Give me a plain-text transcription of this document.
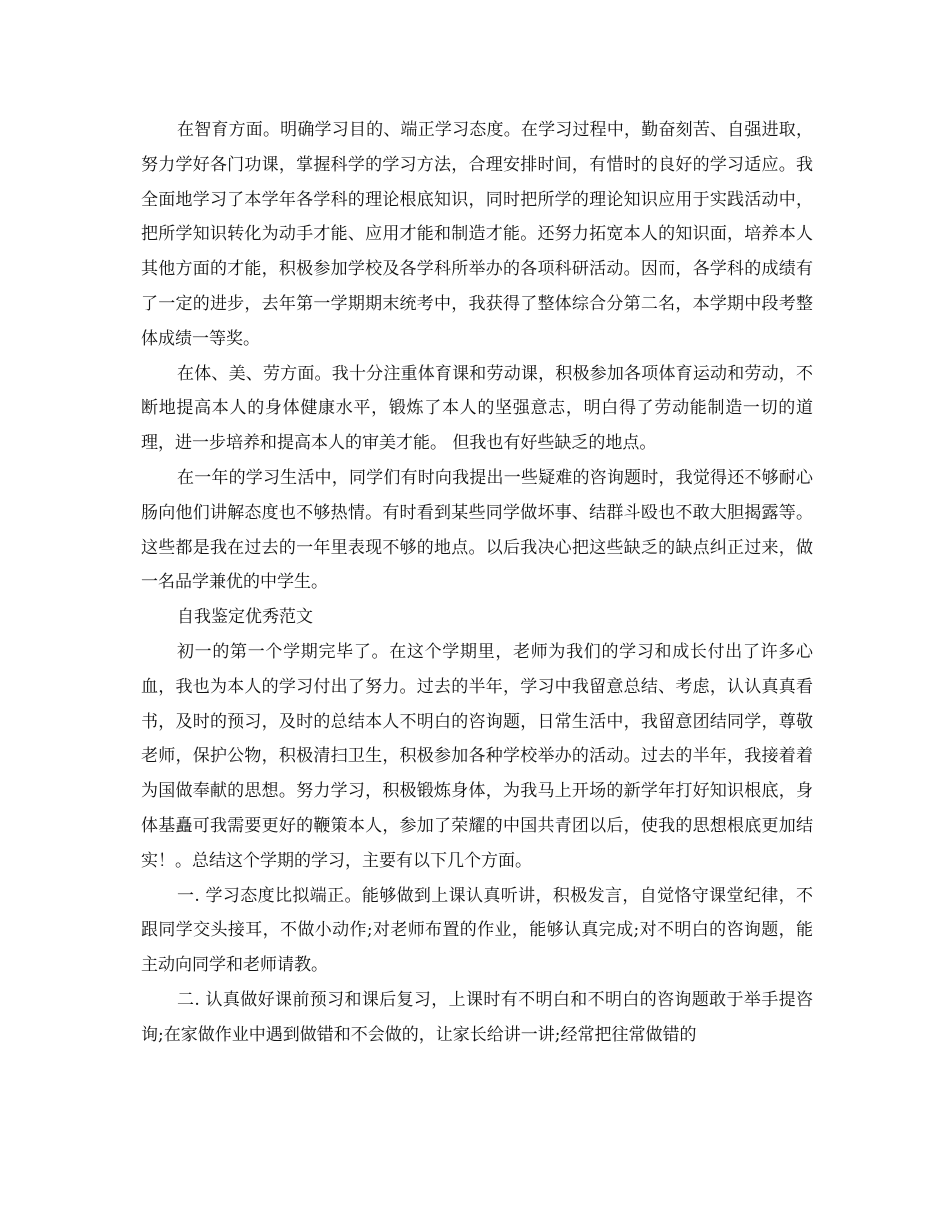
在智育方面。明确学习目的、端正学习态度。在学习过程中，勤奋刻苦、自强进取，努力学好各门功课，掌握科学的学习方法，合理安排时间，有惜时的良好的学习适应。我全面地学习了本学年各学科的理论根底知识，同时把所学的理论知识应用于实践活动中，把所学知识转化为动手才能、应用才能和制造才能。还努力拓宽本人的知识面，培养本人其他方面的才能，积极参加学校及各学科所举办的各项科研活动。因而，各学科的成绩有了一定的进步，去年第一学期期末统考中，我获得了整体综合分第二名，本学期中段考整体成绩一等奖。

在体、美、劳方面。我十分注重体育课和劳动课，积极参加各项体育运动和劳动，不断地提高本人的身体健康水平，锻炼了本人的坚强意志，明白得了劳动能制造一切的道理，进一步培养和提高本人的审美才能。 但我也有好些缺乏的地点。

在一年的学习生活中，同学们有时向我提出一些疑难的咨询题时，我觉得还不够耐心肠向他们讲解态度也不够热情。有时看到某些同学做坏事、结群斗殴也不敢大胆揭露等。这些都是我在过去的一年里表现不够的地点。以后我决心把这些缺乏的缺点纠正过来，做一名品学兼优的中学生。

自我鉴定优秀范文

初一的第一个学期完毕了。在这个学期里，老师为我们的学习和成长付出了许多心血，我也为本人的学习付出了努力。过去的半年，学习中我留意总结、考虑，认认真真看书，及时的预习，及时的总结本人不明白的咨询题，日常生活中，我留意团结同学，尊敬老师，保护公物，积极清扫卫生，积极参加各种学校举办的活动。过去的半年，我接着着为国做奉献的思想。努力学习，积极锻炼身体，为我马上开场的新学年打好知识根底，身体基矗可我需要更好的鞭策本人，参加了荣耀的中国共青团以后，使我的思想根底更加结实！。总结这个学期的学习，主要有以下几个方面。

一. 学习态度比拟端正。能够做到上课认真听讲，积极发言，自觉恪守课堂纪律，不跟同学交头接耳，不做小动作;对老师布置的作业，能够认真完成;对不明白的咨询题，能主动向同学和老师请教。

二. 认真做好课前预习和课后复习，上课时有不明白和不明白的咨询题敢于举手提咨询;在家做作业中遇到做错和不会做的，让家长给讲一讲;经常把往常做错的
